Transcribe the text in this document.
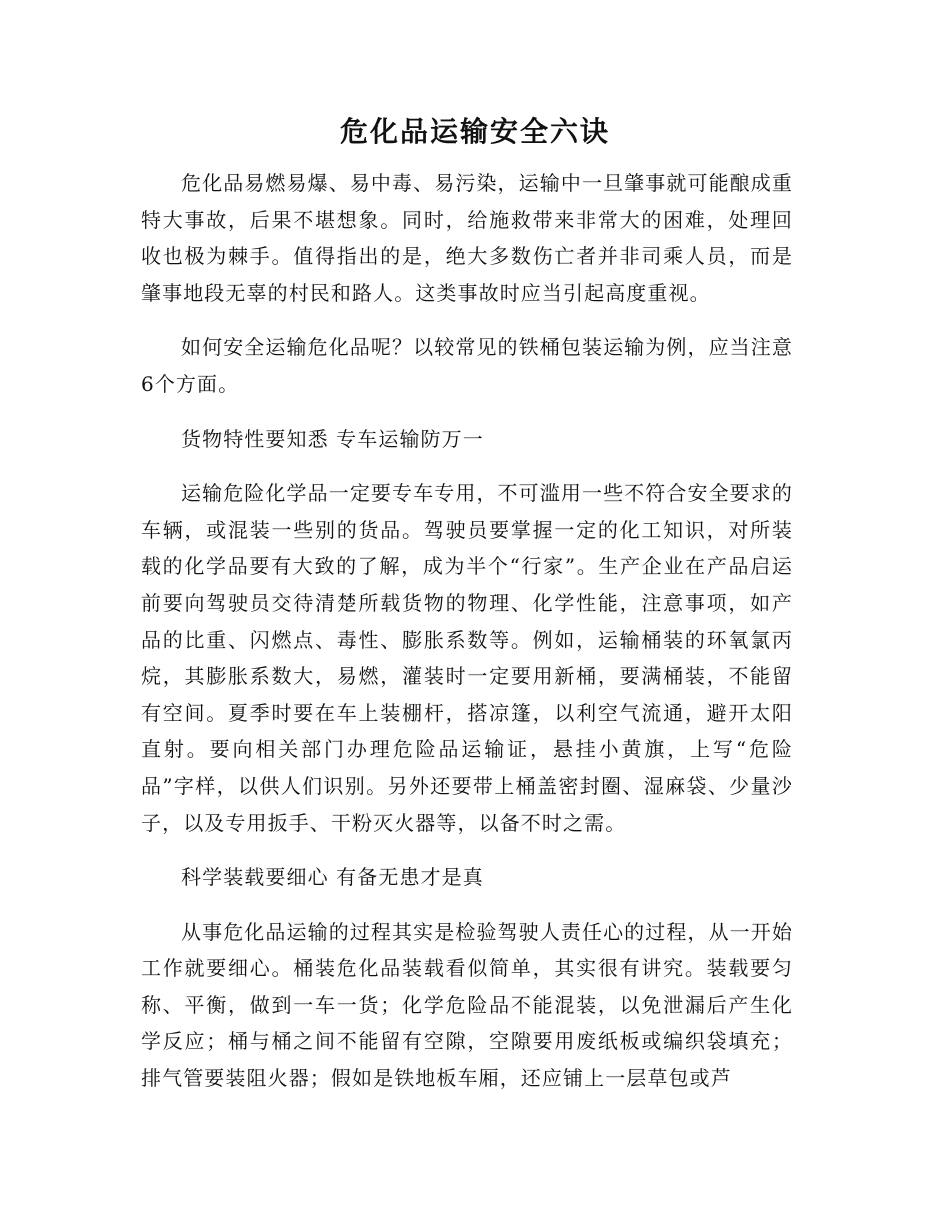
危化品运输安全六诀

危化品易燃易爆、易中毒、易污染，运输中一旦肇事就可能酿成重特大事故，后果不堪想象。同时，给施救带来非常大的困难，处理回收也极为棘手。值得指出的是，绝大多数伤亡者并非司乘人员，而是肇事地段无辜的村民和路人。这类事故时应当引起高度重视。

如何安全运输危化品呢？以较常见的铁桶包装运输为例，应当注意6个方面。

货物特性要知悉 专车运输防万一

运输危险化学品一定要专车专用，不可滥用一些不符合安全要求的车辆，或混装一些别的货品。驾驶员要掌握一定的化工知识，对所装载的化学品要有大致的了解，成为半个“行家”。生产企业在产品启运前要向驾驶员交待清楚所载货物的物理、化学性能，注意事项，如产品的比重、闪燃点、毒性、膨胀系数等。例如，运输桶装的环氧氯丙烷，其膨胀系数大，易燃，灌装时一定要用新桶，要满桶装，不能留有空间。夏季时要在车上装棚杆，搭凉篷，以利空气流通，避开太阳直射。要向相关部门办理危险品运输证，悬挂小黄旗，上写“危险品”字样，以供人们识别。另外还要带上桶盖密封圈、湿麻袋、少量沙子，以及专用扳手、干粉灭火器等，以备不时之需。

科学装载要细心 有备无患才是真

从事危化品运输的过程其实是检验驾驶人责任心的过程，从一开始工作就要细心。桶装危化品装载看似简单，其实很有讲究。装载要匀称、平衡，做到一车一货；化学危险品不能混装，以免泄漏后产生化学反应；桶与桶之间不能留有空隙，空隙要用废纸板或编织袋填充；排气管要装阻火器；假如是铁地板车厢，还应铺上一层草包或芦
